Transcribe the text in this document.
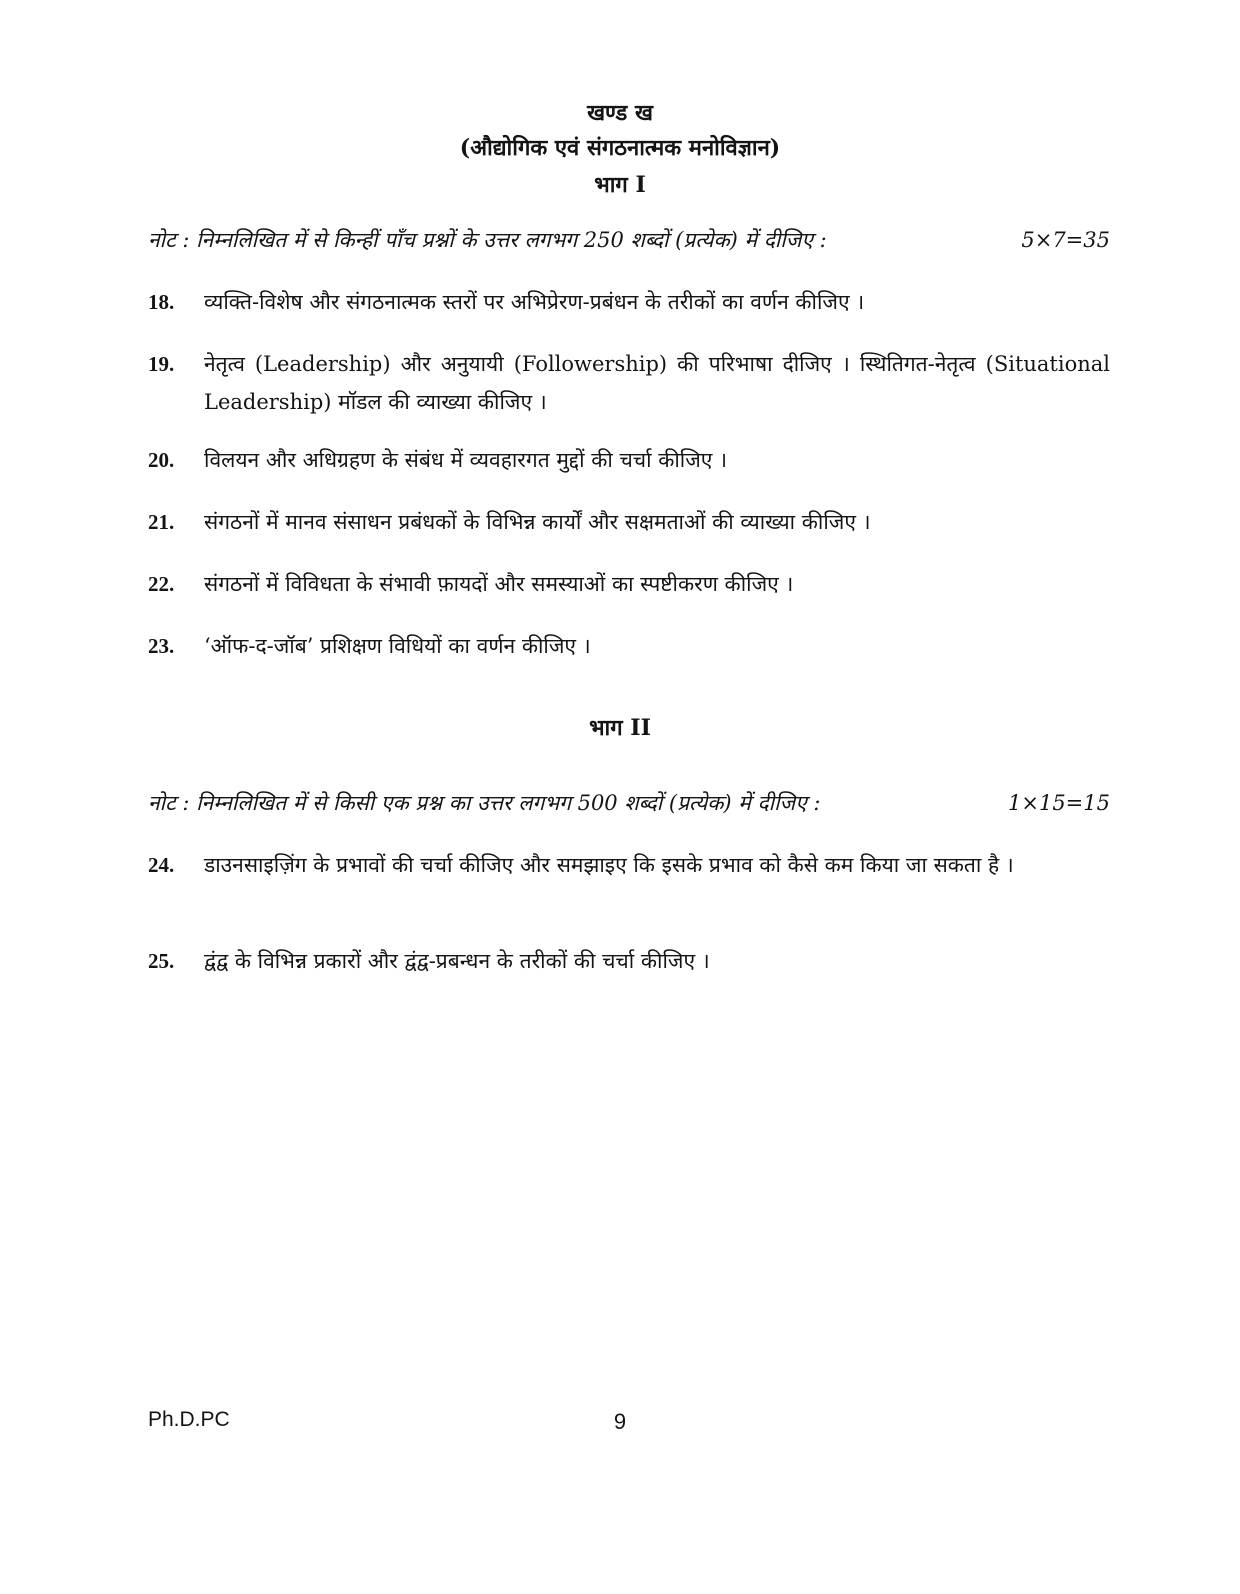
खण्ड ख
(औद्योगिक एवं संगठनात्मक मनोविज्ञान)
भाग I
नोट : निम्नलिखित में से किन्हीं पाँच प्रश्नों के उत्तर लगभग 250 शब्दों (प्रत्येक) में दीजिए :	5×7=35
18.	व्यक्ति-विशेष और संगठनात्मक स्तरों पर अभिप्रेरण-प्रबंधन के तरीकों का वर्णन कीजिए ।
19.	नेतृत्व (Leadership) और अनुयायी (Followership) की परिभाषा दीजिए । स्थितिगत-नेतृत्व (Situational Leadership) मॉडल की व्याख्या कीजिए ।
20.	विलयन और अधिग्रहण के संबंध में व्यवहारगत मुद्दों की चर्चा कीजिए ।
21.	संगठनों में मानव संसाधन प्रबंधकों के विभिन्न कार्यों और सक्षमताओं की व्याख्या कीजिए ।
22.	संगठनों में विविधता के संभावी फ़ायदों और समस्याओं का स्पष्टीकरण कीजिए ।
23.	‘ऑफ-द-जॉब’ प्रशिक्षण विधियों का वर्णन कीजिए ।
भाग II
नोट : निम्नलिखित में से किसी एक प्रश्न का उत्तर लगभग 500 शब्दों (प्रत्येक) में दीजिए :	1×15=15
24.	डाउनसाइज़िंग के प्रभावों की चर्चा कीजिए और समझाइए कि इसके प्रभाव को कैसे कम किया जा सकता है ।
25.	द्वंद्व के विभिन्न प्रकारों और द्वंद्व-प्रबन्धन के तरीकों की चर्चा कीजिए ।
Ph.D.PC	9
